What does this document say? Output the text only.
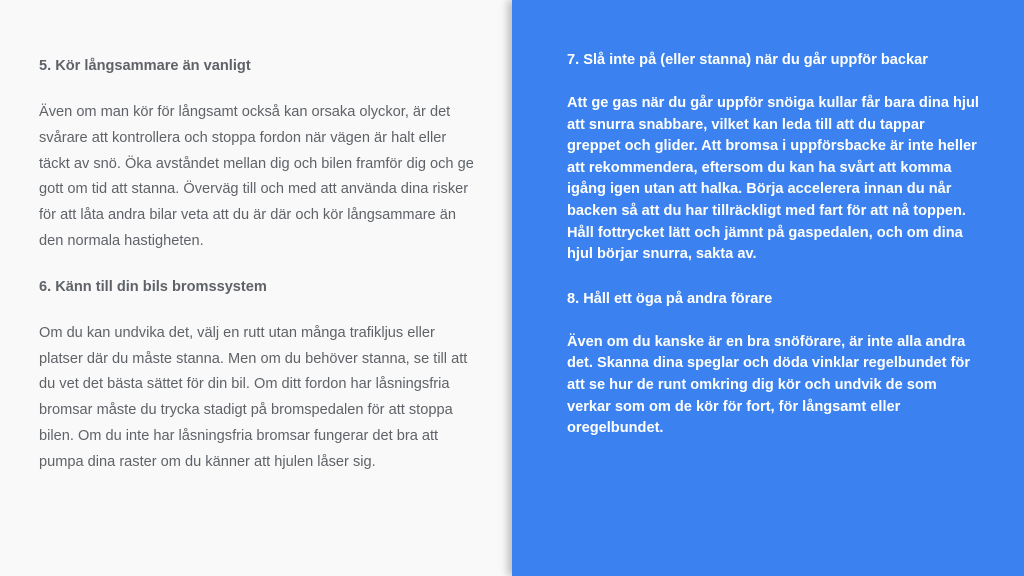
5. Kör långsammare än vanligt

Även om man kör för långsamt också kan orsaka olyckor, är det svårare att kontrollera och stoppa fordon när vägen är halt eller täckt av snö. Öka avståndet mellan dig och bilen framför dig och ge gott om tid att stanna. Överväg till och med att använda dina risker för att låta andra bilar veta att du är där och kör långsammare än den normala hastigheten.

6. Känn till din bils bromssystem

Om du kan undvika det, välj en rutt utan många trafikljus eller platser där du måste stanna. Men om du behöver stanna, se till att du vet det bästa sättet för din bil. Om ditt fordon har låsningsfria bromsar måste du trycka stadigt på bromspedalen för att stoppa bilen. Om du inte har låsningsfria bromsar fungerar det bra att pumpa dina raster om du känner att hjulen låser sig.

7. Slå inte på (eller stanna) när du går uppför backar

Att ge gas när du går uppför snöiga kullar får bara dina hjul att snurra snabbare, vilket kan leda till att du tappar greppet och glider. Att bromsa i uppförsbacke är inte heller att rekommendera, eftersom du kan ha svårt att komma igång igen utan att halka. Börja accelerera innan du når backen så att du har tillräckligt med fart för att nå toppen. Håll fottrycket lätt och jämnt på gaspedalen, och om dina hjul börjar snurra, sakta av.

8. Håll ett öga på andra förare

Även om du kanske är en bra snöförare, är inte alla andra det. Skanna dina speglar och döda vinklar regelbundet för att se hur de runt omkring dig kör och undvik de som verkar som om de kör för fort, för långsamt eller oregelbundet.
